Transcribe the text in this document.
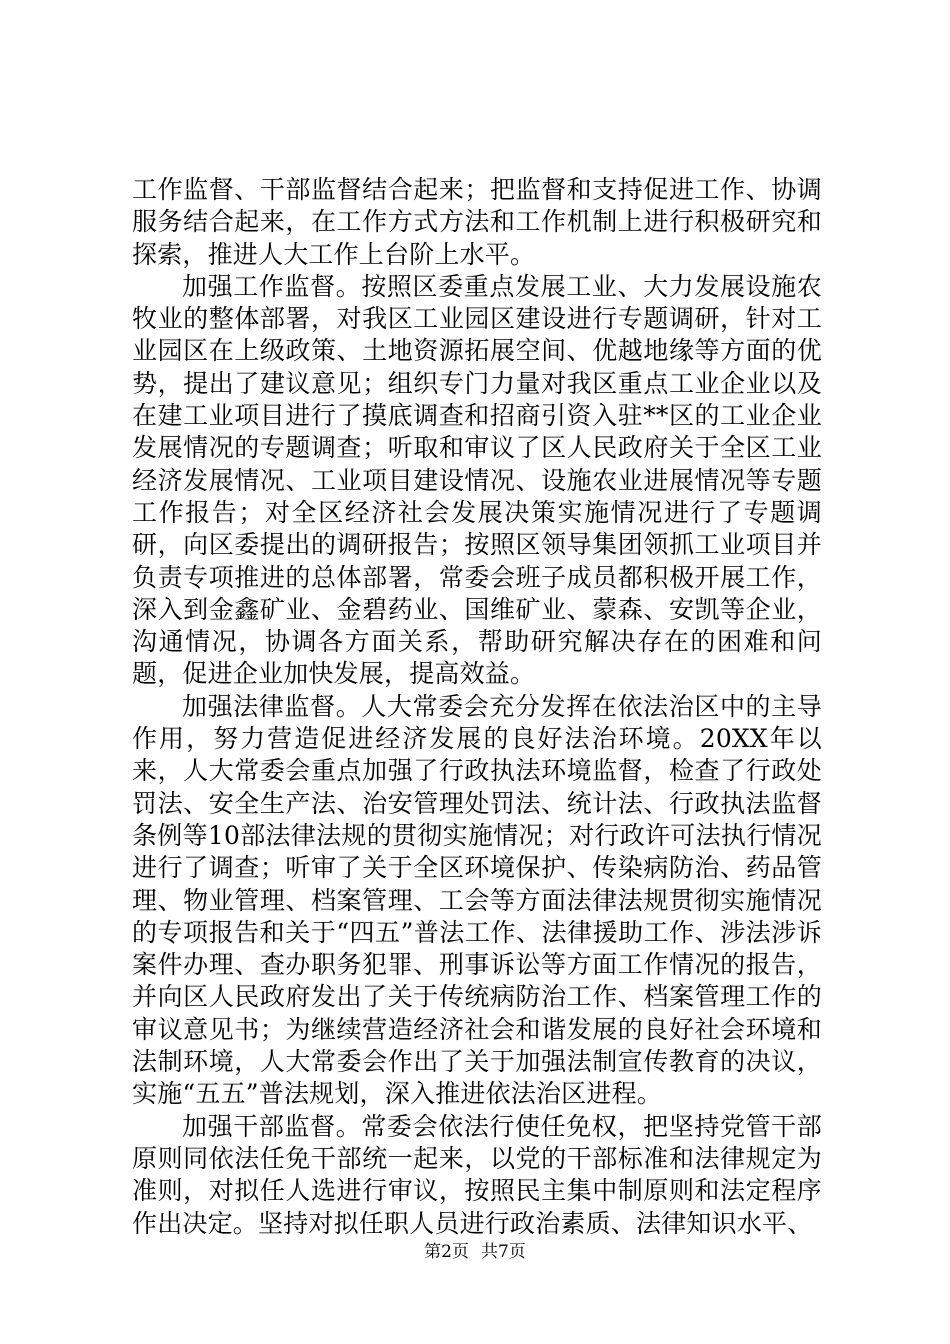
工作监督、干部监督结合起来；把监督和支持促进工作、协调服务结合起来，在工作方式方法和工作机制上进行积极研究和探索，推进人大工作上台阶上水平。

加强工作监督。按照区委重点发展工业、大力发展设施农牧业的整体部署，对我区工业园区建设进行专题调研，针对工业园区在上级政策、土地资源拓展空间、优越地缘等方面的优势，提出了建议意见；组织专门力量对我区重点工业企业以及在建工业项目进行了摸底调查和招商引资入驻**区的工业企业发展情况的专题调查；听取和审议了区人民政府关于全区工业经济发展情况、工业项目建设情况、设施农业进展情况等专题工作报告；对全区经济社会发展决策实施情况进行了专题调研，向区委提出的调研报告；按照区领导集团领抓工业项目并负责专项推进的总体部署，常委会班子成员都积极开展工作，深入到金鑫矿业、金碧药业、国维矿业、蒙森、安凯等企业，沟通情况，协调各方面关系，帮助研究解决存在的困难和问题，促进企业加快发展，提高效益。

加强法律监督。人大常委会充分发挥在依法治区中的主导作用，努力营造促进经济发展的良好法治环境。20XX年以来，人大常委会重点加强了行政执法环境监督，检查了行政处罚法、安全生产法、治安管理处罚法、统计法、行政执法监督条例等10部法律法规的贯彻实施情况；对行政许可法执行情况进行了调查；听审了关于全区环境保护、传染病防治、药品管理、物业管理、档案管理、工会等方面法律法规贯彻实施情况的专项报告和关于“四五”普法工作、法律援助工作、涉法涉诉案件办理、查办职务犯罪、刑事诉讼等方面工作情况的报告，并向区人民政府发出了关于传统病防治工作、档案管理工作的审议意见书；为继续营造经济社会和谐发展的良好社会环境和法制环境，人大常委会作出了关于加强法制宣传教育的决议，实施“五五”普法规划，深入推进依法治区进程。

加强干部监督。常委会依法行使任免权，把坚持党管干部原则同依法任免干部统一起来，以党的干部标准和法律规定为准则，对拟任人选进行审议，按照民主集中制原则和法定程序作出决定。坚持对拟任职人员进行政治素质、法律知识水平、

第2页 共7页
